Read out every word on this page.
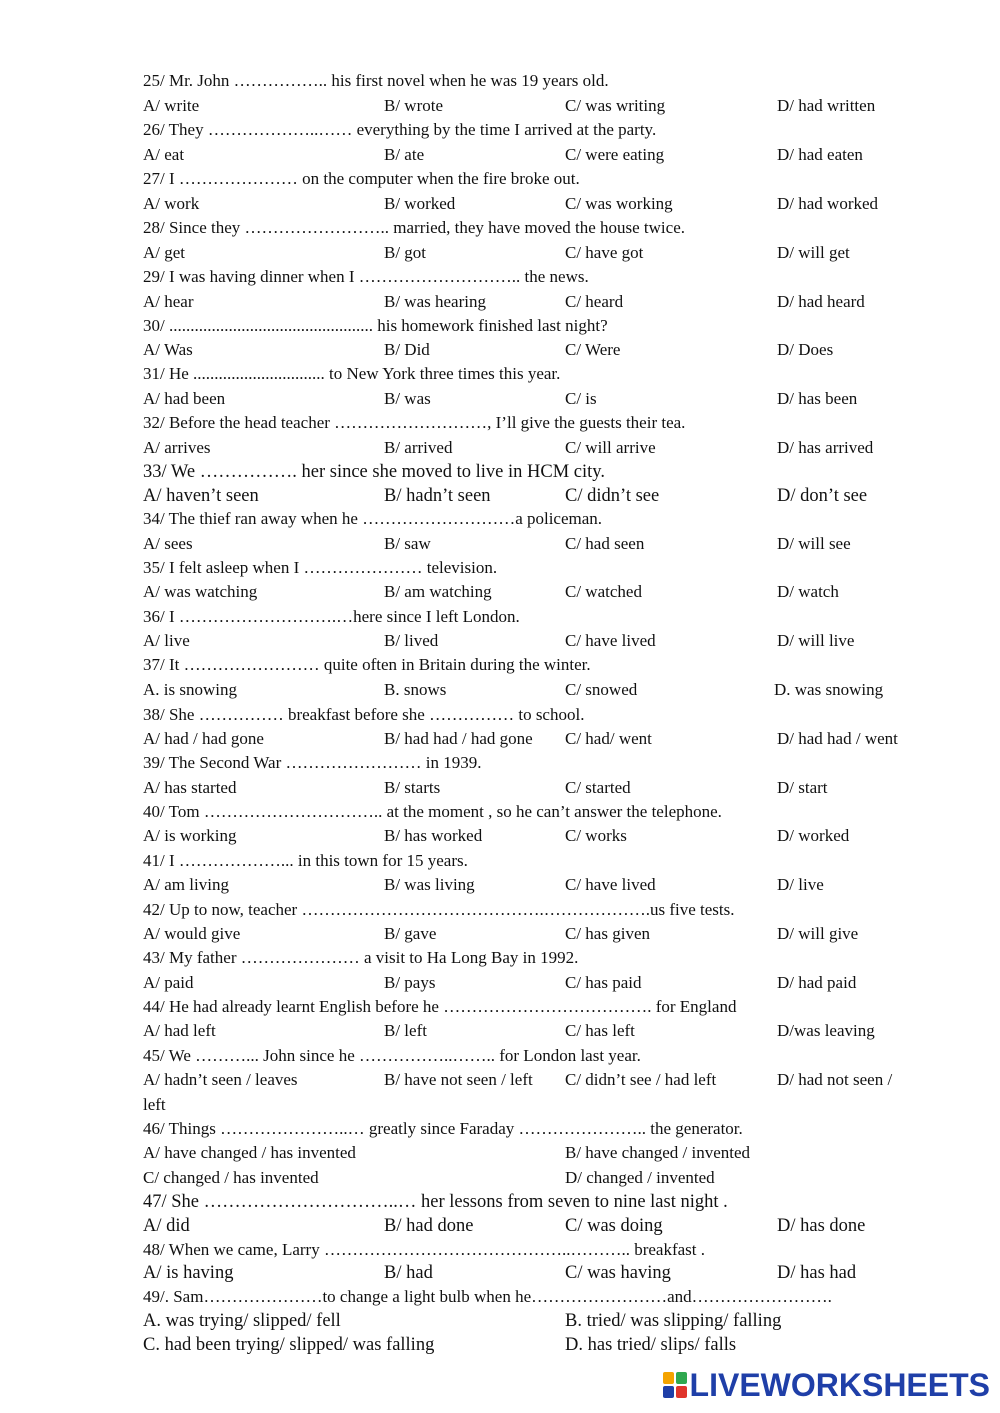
25/ Mr. John …………….. his first novel when he was 19 years old.
A/ write	B/ wrote	C/ was writing	D/ had written
26/ They ………………..…… everything by the time I arrived at the party.
A/ eat	B/ ate	C/ were eating	D/ had eaten
27/ I ………………… on the computer when the fire broke out.
A/ work	B/ worked	C/ was working	D/ had worked
28/ Since they …………………….. married, they have moved the house twice.
A/ get	B/ got	C/ have got	D/ will get
29/ I was having dinner when I ……………………….. the news.
A/ hear	B/ was hearing	C/ heard	D/ had heard
30/ ................................................ his homework finished last night?
A/ Was	B/ Did	C/ Were	D/ Does
31/ He ............................... to New York three times this year.
A/ had been	B/ was	C/ is	D/ has been
32/ Before the head teacher ………………………, I’ll give the guests their tea.
A/ arrives	B/ arrived	C/ will arrive	D/ has arrived
33/ We ……………. her since she moved to live in HCM city.
A/ haven’t seen	B/ hadn’t seen	C/ didn’t see	D/ don’t see
34/ The thief ran away when he ………………………a policeman.
A/ sees	B/ saw	C/ had seen	D/ will see
35/ I felt asleep when I ………………… television.
A/ was watching	B/ am watching	C/ watched	D/ watch
36/ I ……………………….…here since I left London.
A/ live	B/ lived	C/ have lived	D/ will live
37/ It …………………… quite often in Britain during the winter.
A. is snowing	B. snows	C/ snowed	D. was snowing
38/ She …………… breakfast before she …………… to school.
A/ had / had gone	B/ had had / had gone C/ had/ went	D/ had had / went
39/ The Second War …………………… in 1939.
A/ has started	B/ starts	C/ started	D/ start
40/ Tom ………………………….. at the moment , so he can’t answer the telephone.
A/ is working	B/ has worked	C/ works	D/ worked
41/ I ………………... in this town for 15 years.
A/ am living	B/ was living	C/ have lived	D/ live
42/ Up to now, teacher …………………………………….……………….us five tests.
A/ would give	B/ gave	C/ has given	D/ will give
43/ My father ………………… a visit to Ha Long Bay in 1992.
A/ paid	B/ pays	C/ has paid	D/ had paid
44/ He had already learnt English before he ………………………………. for England
A/ had left	B/ left	C/ has left	D/was leaving
45/ We ………... John since he ……………..…….. for London last year.
A/ hadn’t seen / leaves	B/ have not seen / left C/ didn’t see / had left	D/ had not seen /
left
46/ Things …………………..… greatly since Faraday ………………….. the generator.
A/ have changed / has invented	B/ have changed / invented
C/ changed / has invented	D/ changed / invented
47/ She …………………………..… her lessons from seven to nine last night .
A/ did	B/ had done	C/ was doing	D/ has done
48/ When we came, Larry ……………………………………..……….. breakfast .
A/ is having	B/ had	C/ was having	D/ has had
49/. Sam…………………to change a light bulb when he……………………and…………………….
A. was trying/ slipped/ fell	B. tried/ was slipping/ falling
C. had been trying/ slipped/ was falling	D. has tried/ slips/ falls
LIVEWORKSHEETS
